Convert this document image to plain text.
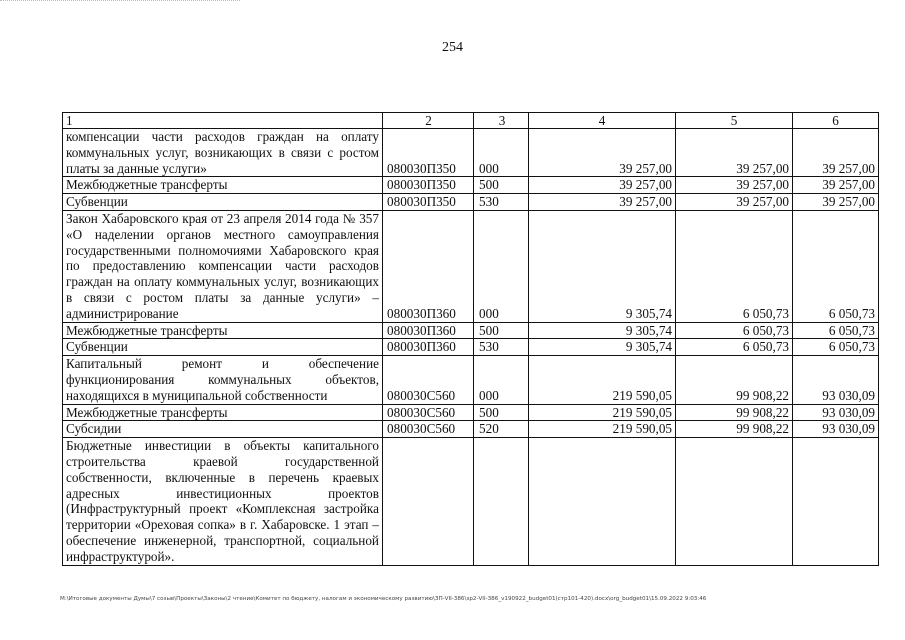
254
1	2	3	4	5	6
компенсации части расходов граждан на оплату коммунальных услуг, возникающих в связи с ростом платы за данные услуги»	080030П350	000	39 257,00	39 257,00	39 257,00
Межбюджетные трансферты	080030П350	500	39 257,00	39 257,00	39 257,00
Субвенции	080030П350	530	39 257,00	39 257,00	39 257,00
Закон Хабаровского края от 23 апреля 2014 года № 357 «О наделении органов местного самоуправления государственными полномочиями Хабаровского края по предоставлению компенсации части расходов граждан на оплату коммунальных услуг, возникающих в связи с ростом платы за данные услуги» – администрирование	080030П360	000	9 305,74	6 050,73	6 050,73
Межбюджетные трансферты	080030П360	500	9 305,74	6 050,73	6 050,73
Субвенции	080030П360	530	9 305,74	6 050,73	6 050,73
Капитальный ремонт и обеспечение функционирования коммунальных объектов, находящихся в муниципальной собственности	080030С560	000	219 590,05	99 908,22	93 030,09
Межбюджетные трансферты	080030С560	500	219 590,05	99 908,22	93 030,09
Субсидии	080030С560	520	219 590,05	99 908,22	93 030,09
Бюджетные инвестиции в объекты капитального строительства краевой государственной собственности, включенные в перечень краевых адресных инвестиционных проектов (Инфраструктурный проект «Комплексная застройка территории «Ореховая сопка» в г. Хабаровске. 1 этап – обеспечение инженерной, транспортной, социальной инфраструктурой».					
М:\Итоговые документы Думы\7 созыв\Проекты\Законы\2 чтение\Комитет по бюджету, налогам и экономическому развитию\ЗП-VII-386\зр2-VII-386_v190922_budget01(стр101-420).docx\org_budget01\15.09.2022 9:03:46
